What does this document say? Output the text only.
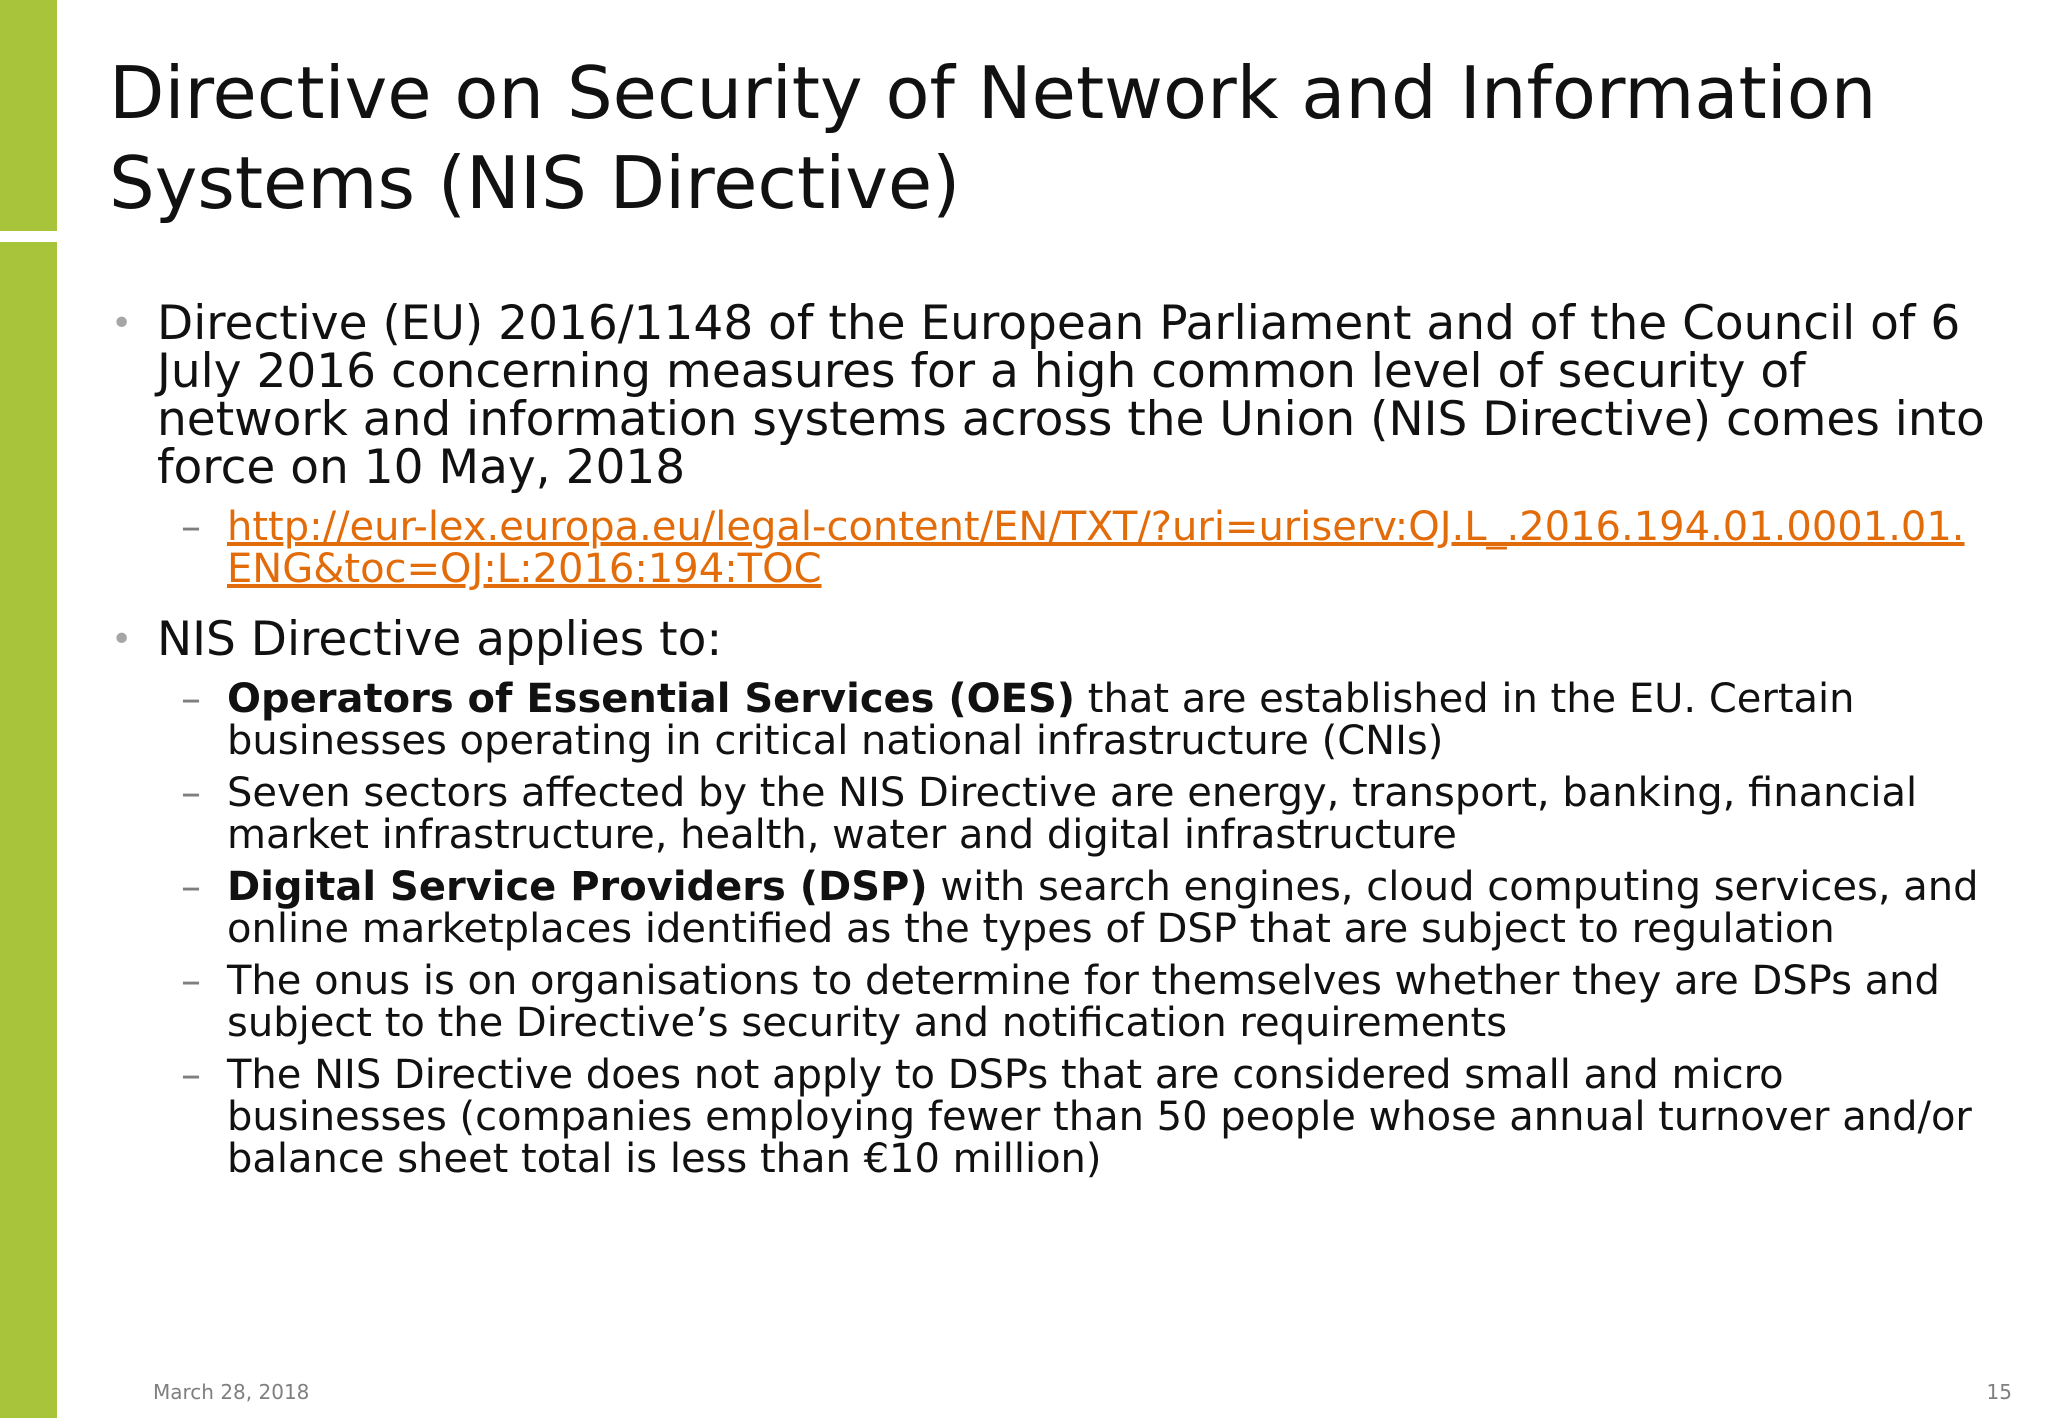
Directive on Security of Network and Information Systems (NIS Directive)
• Directive (EU) 2016/1148 of the European Parliament and of the Council of 6 July 2016 concerning measures for a high common level of security of network and information systems across the Union (NIS Directive) comes into force on 10 May, 2018
– http://eur-lex.europa.eu/legal-content/EN/TXT/?uri=uriserv:OJ.L_.2016.194.01.0001.01.ENG&toc=OJ:L:2016:194:TOC
• NIS Directive applies to:
– Operators of Essential Services (OES) that are established in the EU. Certain businesses operating in critical national infrastructure (CNIs)
– Seven sectors affected by the NIS Directive are energy, transport, banking, financial market infrastructure, health, water and digital infrastructure
– Digital Service Providers (DSP) with search engines, cloud computing services, and online marketplaces identified as the types of DSP that are subject to regulation
– The onus is on organisations to determine for themselves whether they are DSPs and subject to the Directive’s security and notification requirements
– The NIS Directive does not apply to DSPs that are considered small and micro businesses (companies employing fewer than 50 people whose annual turnover and/or balance sheet total is less than €10 million)
March 28, 2018	15
